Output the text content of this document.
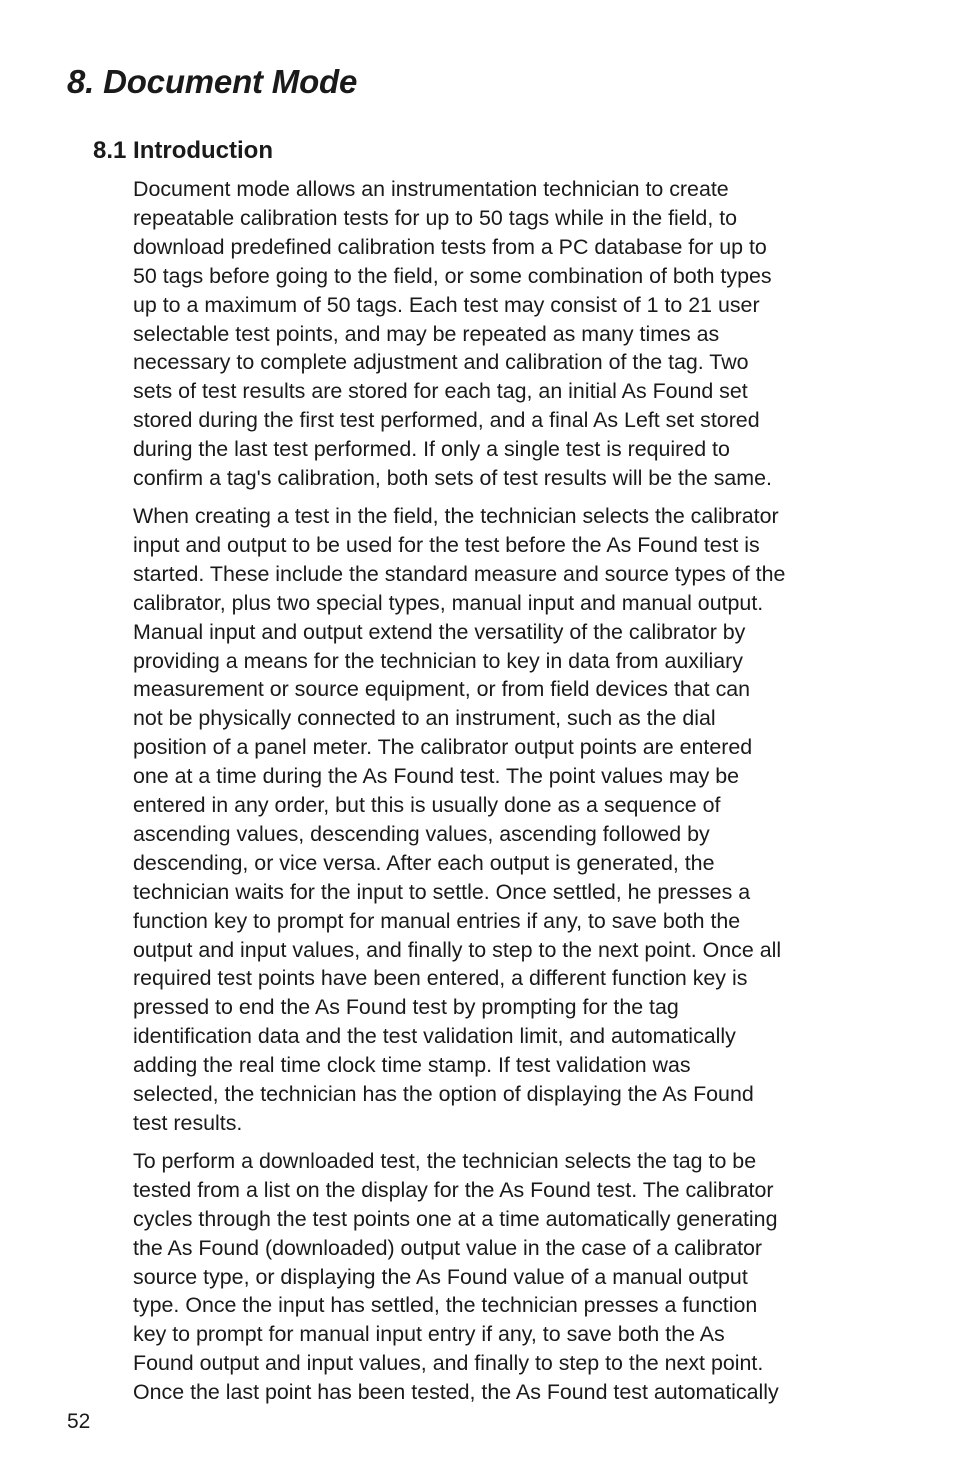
8. Document Mode
8.1 Introduction

Document mode allows an instrumentation technician to create
repeatable calibration tests for up to 50 tags while in the field, to
download predefined calibration tests from a PC database for up to
50 tags before going to the field, or some combination of both types
up to a maximum of 50 tags. Each test may consist of 1 to 21 user
selectable test points, and may be repeated as many times as
necessary to complete adjustment and calibration of the tag. Two
sets of test results are stored for each tag, an initial As Found set
stored during the first test performed, and a final As Left set stored
during the last test performed. If only a single test is required to
confirm a tag's calibration, both sets of test results will be the same.

When creating a test in the field, the technician selects the calibrator
input and output to be used for the test before the As Found test is
started. These include the standard measure and source types of the
calibrator, plus two special types, manual input and manual output.
Manual input and output extend the versatility of the calibrator by
providing a means for the technician to key in data from auxiliary
measurement or source equipment, or from field devices that can
not be physically connected to an instrument, such as the dial
position of a panel meter. The calibrator output points are entered
one at a time during the As Found test. The point values may be
entered in any order, but this is usually done as a sequence of
ascending values, descending values, ascending followed by
descending, or vice versa. After each output is generated, the
technician waits for the input to settle. Once settled, he presses a
function key to prompt for manual entries if any, to save both the
output and input values, and finally to step to the next point. Once all
required test points have been entered, a different function key is
pressed to end the As Found test by prompting for the tag
identification data and the test validation limit, and automatically
adding the real time clock time stamp. If test validation was
selected, the technician has the option of displaying the As Found
test results.

To perform a downloaded test, the technician selects the tag to be
tested from a list on the display for the As Found test. The calibrator
cycles through the test points one at a time automatically generating
the As Found (downloaded) output value in the case of a calibrator
source type, or displaying the As Found value of a manual output
type. Once the input has settled, the technician presses a function
key to prompt for manual input entry if any, to save both the As
Found output and input values, and finally to step to the next point.
Once the last point has been tested, the As Found test automatically

52
